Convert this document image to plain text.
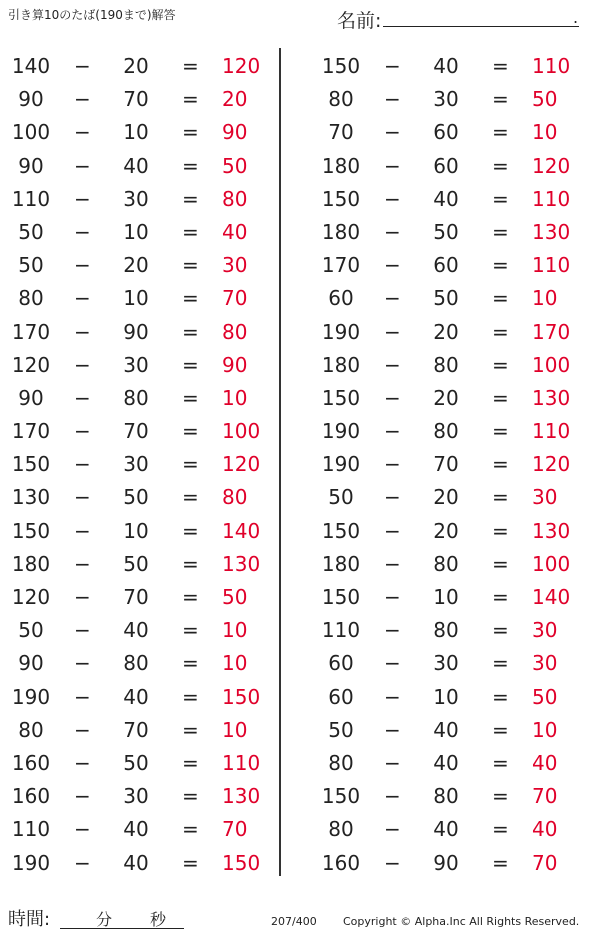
引き算10のたば(190まで)解答	名前:	.
140 −	20	= 120
90	−	70	= 20
100 −	10	= 90
90	−	40	= 50
110 −	30	= 80
50	−	10	= 40
50	−	20	= 30
80	−	10	= 70
170 −	90	= 80
120 −	30	= 90
90	−	80	= 10
170 −	70	= 100
150 −	30	= 120
130 −	50	= 80
150 −	10	= 140
180 −	50	= 130
120 −	70	= 50
50	−	40	= 10
90	−	80	= 10
190 −	40	= 150
80	−	70	= 10
160 −	50	= 110
160 −	30	= 130
110 −	40	= 70
190 −	40	= 150
150 −	40	= 110
80	−	30	= 50
70	−	60	= 10
180 −	60	= 120
150 −	40	= 110
180 −	50	= 130
170 −	60	= 110
60	−	50	= 10
190 −	20	= 170
180 −	80	= 100
150 −	20	= 130
190 −	80	= 110
190 −	70	= 120
50	−	20	= 30
150 −	20	= 130
180 −	80	= 100
150 −	10	= 140
110 −	80	= 30
60	−	30	= 30
60	−	10	= 50
50	−	40	= 10
80	−	40	= 40
150 −	80	= 70
80	−	40	= 40
160 −	90	= 70
時間:	分 秒	207/400 Copyright © Alpha.Inc All Rights Reserved.
